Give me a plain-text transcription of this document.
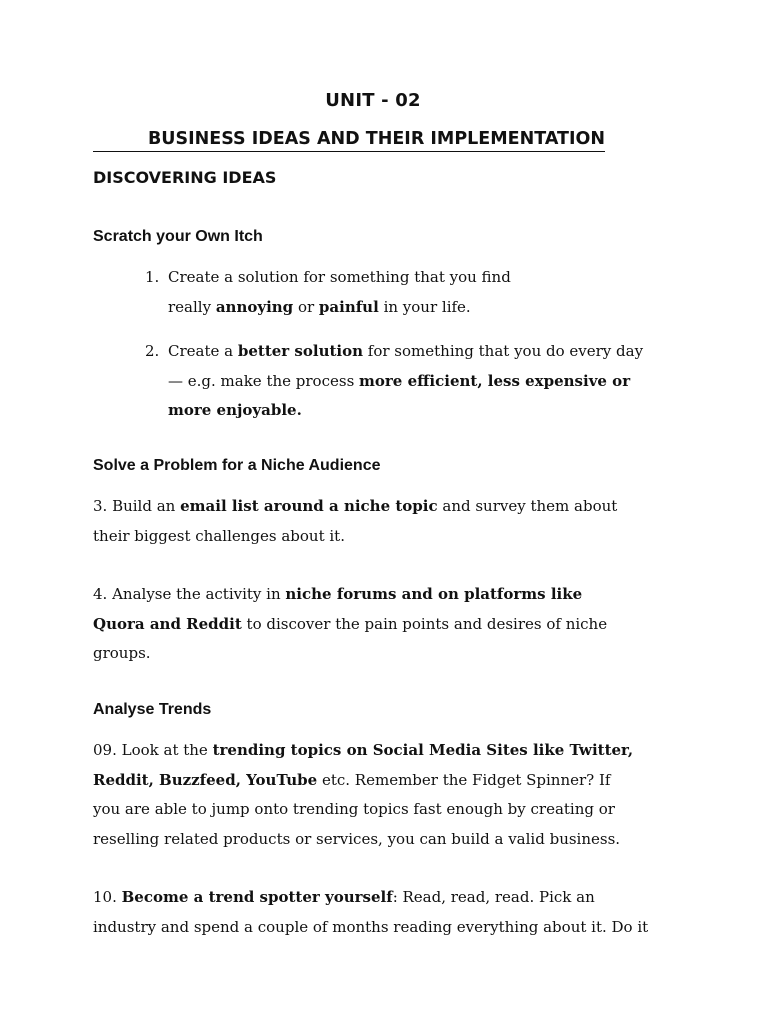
UNIT - 02
BUSINESS IDEAS AND THEIR IMPLEMENTATION
DISCOVERING IDEAS
Scratch your Own Itch
1. Create a solution for something that you find
really annoying or painful in your life.

2. Create a better solution for something that you do every day
— e.g. make the process more efficient, less expensive or
more enjoyable.

Solve a Problem for a Niche Audience

3. Build an email list around a niche topic and survey them about
their biggest challenges about it.

4. Analyse the activity in niche forums and on platforms like
Quora and Reddit to discover the pain points and desires of niche
groups.

Analyse Trends

09. Look at the trending topics on Social Media Sites like Twitter,
Reddit, Buzzfeed, YouTube etc. Remember the Fidget Spinner? If
you are able to jump onto trending topics fast enough by creating or
reselling related products or services, you can build a valid business.

10. Become a trend spotter yourself: Read, read, read. Pick an
industry and spend a couple of months reading everything about it. Do it
